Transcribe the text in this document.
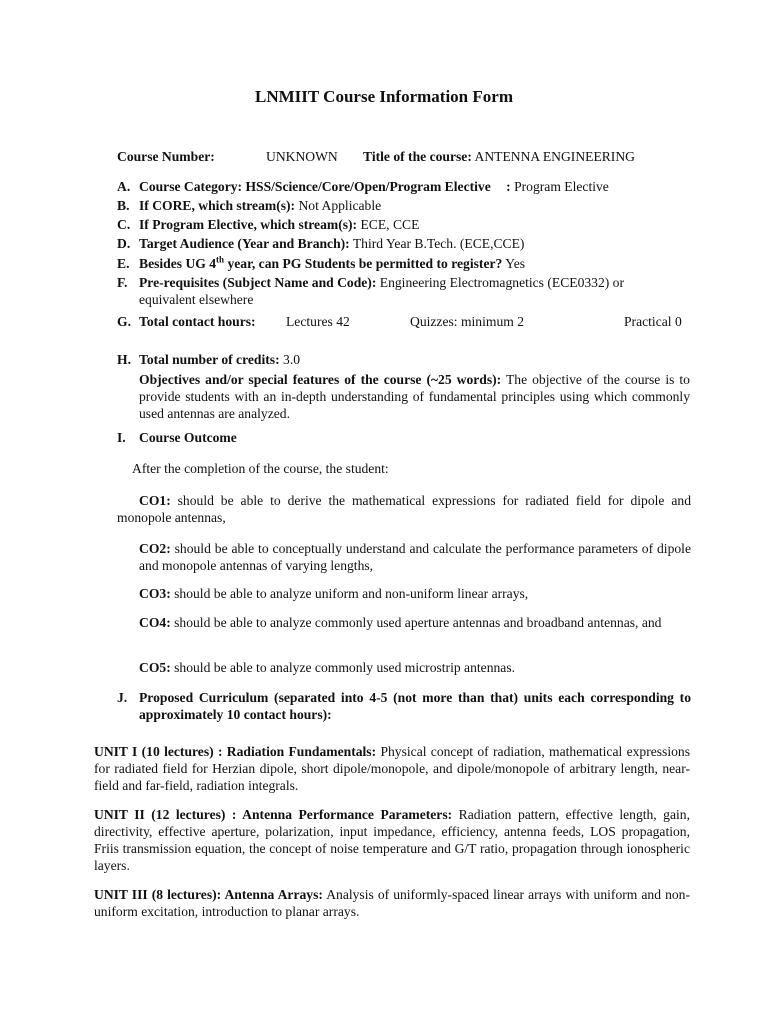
LNMIIT Course Information Form
Course Number:	UNKNOWN Title of the course: ANTENNA ENGINEERING
A. Course Category: HSS/Science/Core/Open/Program Elective : Program Elective
B. If CORE, which stream(s): Not Applicable
C. If Program Elective, which stream(s): ECE, CCE
D. Target Audience (Year and Branch): Third Year B.Tech. (ECE,CCE)
E. Besides UG 4th year, can PG Students be permitted to register? Yes
F. Pre-requisites (Subject Name and Code): Engineering Electromagnetics (ECE0332) or equivalent elsewhere
G. Total contact hours:	Lectures 42	Quizzes: minimum 2	Practical 0
H. Total number of credits: 3.0
Objectives and/or special features of the course (~25 words): The objective of the course is to provide students with an in-depth understanding of fundamental principles using which commonly used antennas are analyzed.
I. Course Outcome
After the completion of the course, the student:
CO1: should be able to derive the mathematical expressions for radiated field for dipole and monopole antennas,
CO2: should be able to conceptually understand and calculate the performance parameters of dipole and monopole antennas of varying lengths,
CO3: should be able to analyze uniform and non-uniform linear arrays,
CO4: should be able to analyze commonly used aperture antennas and broadband antennas, and
CO5: should be able to analyze commonly used microstrip antennas.
J. Proposed Curriculum (separated into 4-5 (not more than that) units each corresponding to approximately 10 contact hours):
UNIT I (10 lectures) : Radiation Fundamentals: Physical concept of radiation, mathematical expressions for radiated field for Herzian dipole, short dipole/monopole, and dipole/monopole of arbitrary length, near-field and far-field, radiation integrals.
UNIT II (12 lectures) : Antenna Performance Parameters: Radiation pattern, effective length, gain, directivity, effective aperture, polarization, input impedance, efficiency, antenna feeds, LOS propagation, Friis transmission equation, the concept of noise temperature and G/T ratio, propagation through ionospheric layers.
UNIT III (8 lectures): Antenna Arrays: Analysis of uniformly-spaced linear arrays with uniform and non-uniform excitation, introduction to planar arrays.
